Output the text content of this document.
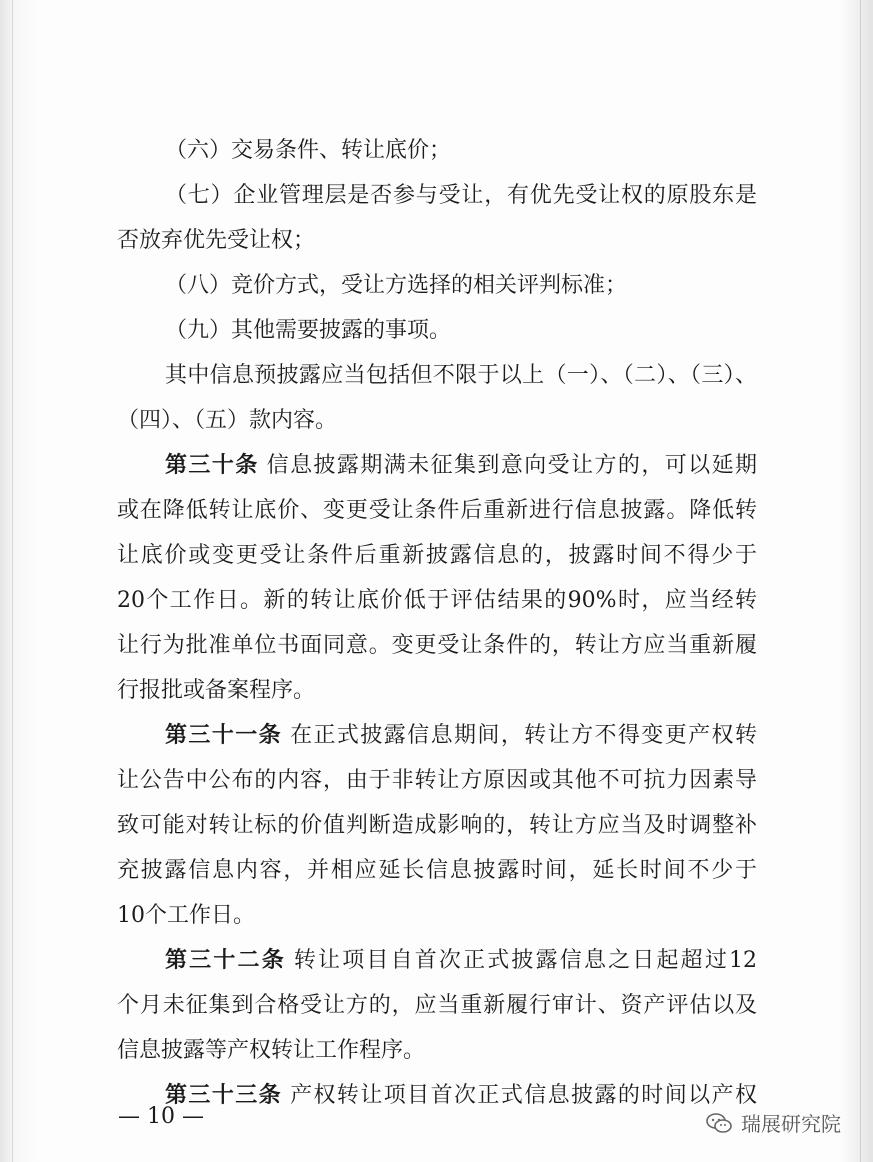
（六）交易条件、转让底价；
（七）企业管理层是否参与受让，有优先受让权的原股东是
否放弃优先受让权；
（八）竞价方式，受让方选择的相关评判标准；
（九）其他需要披露的事项。
其中信息预披露应当包括但不限于以上（一）、（二）、（三）、
（四）、（五）款内容。
第三十条 信息披露期满未征集到意向受让方的，可以延期
或在降低转让底价、变更受让条件后重新进行信息披露。降低转
让底价或变更受让条件后重新披露信息的，披露时间不得少于
20个工作日。新的转让底价低于评估结果的90%时，应当经转
让行为批准单位书面同意。变更受让条件的，转让方应当重新履
行报批或备案程序。
第三十一条 在正式披露信息期间，转让方不得变更产权转
让公告中公布的内容，由于非转让方原因或其他不可抗力因素导
致可能对转让标的价值判断造成影响的，转让方应当及时调整补
充披露信息内容，并相应延长信息披露时间，延长时间不少于
10个工作日。
第三十二条 转让项目自首次正式披露信息之日起超过12
个月未征集到合格受让方的，应当重新履行审计、资产评估以及
信息披露等产权转让工作程序。
第三十三条 产权转让项目首次正式信息披露的时间以产权
— 10 —	瑞展研究院
